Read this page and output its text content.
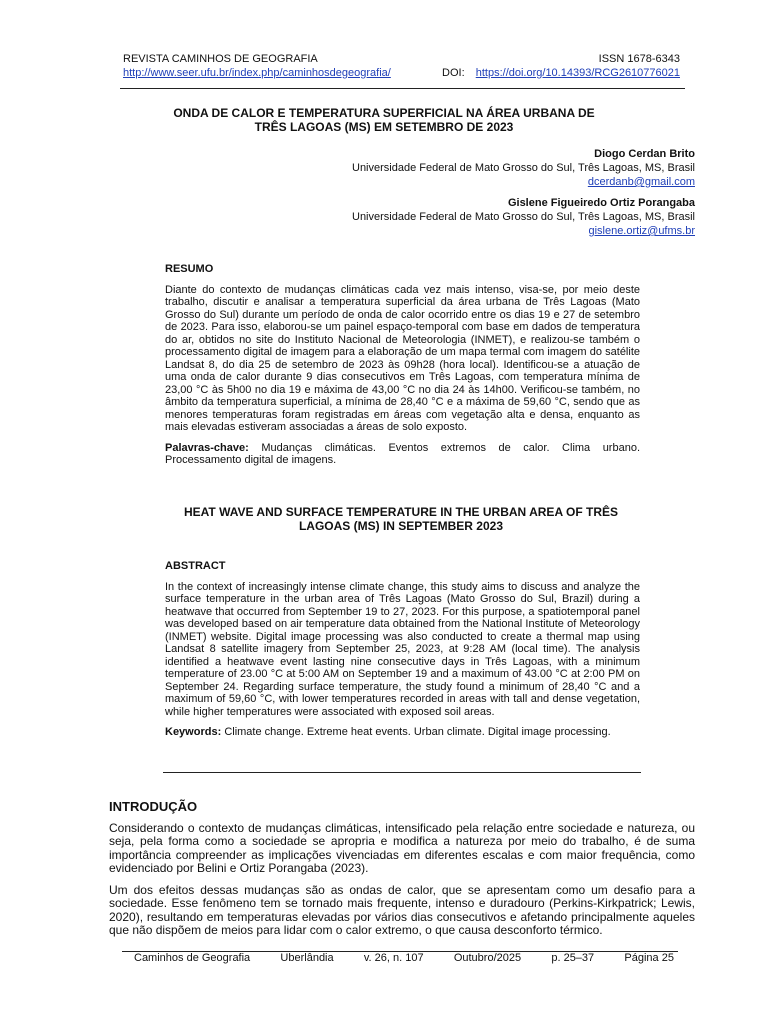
REVISTA CAMINHOS DE GEOGRAFIA	ISSN 1678-6343
http://www.seer.ufu.br/index.php/caminhosdegeografia/	DOI: https://doi.org/10.14393/RCG2610776021
ONDA DE CALOR E TEMPERATURA SUPERFICIAL NA ÁREA URBANA DE TRÊS LAGOAS (MS) EM SETEMBRO DE 2023
Diogo Cerdan Brito
Universidade Federal de Mato Grosso do Sul, Três Lagoas, MS, Brasil
dcerdanb@gmail.com
Gislene Figueiredo Ortiz Porangaba
Universidade Federal de Mato Grosso do Sul, Três Lagoas, MS, Brasil
gislene.ortiz@ufms.br
RESUMO

Diante do contexto de mudanças climáticas cada vez mais intenso, visa-se, por meio deste trabalho, discutir e analisar a temperatura superficial da área urbana de Três Lagoas (Mato Grosso do Sul) durante um período de onda de calor ocorrido entre os dias 19 e 27 de setembro de 2023. Para isso, elaborou-se um painel espaço-temporal com base em dados de temperatura do ar, obtidos no site do Instituto Nacional de Meteorologia (INMET), e realizou-se também o processamento digital de imagem para a elaboração de um mapa termal com imagem do satélite Landsat 8, do dia 25 de setembro de 2023 às 09h28 (hora local). Identificou-se a atuação de uma onda de calor durante 9 dias consecutivos em Três Lagoas, com temperatura mínima de 23,00 °C às 5h00 no dia 19 e máxima de 43,00 °C no dia 24 às 14h00. Verificou-se também, no âmbito da temperatura superficial, a mínima de 28,40 °C e a máxima de 59,60 °C, sendo que as menores temperaturas foram registradas em áreas com vegetação alta e densa, enquanto as mais elevadas estiveram associadas a áreas de solo exposto.

Palavras-chave: Mudanças climáticas. Eventos extremos de calor. Clima urbano. Processamento digital de imagens.

HEAT WAVE AND SURFACE TEMPERATURE IN THE URBAN AREA OF TRÊS LAGOAS (MS) IN SEPTEMBER 2023
ABSTRACT

In the context of increasingly intense climate change, this study aims to discuss and analyze the surface temperature in the urban area of Três Lagoas (Mato Grosso do Sul, Brazil) during a heatwave that occurred from September 19 to 27, 2023. For this purpose, a spatiotemporal panel was developed based on air temperature data obtained from the National Institute of Meteorology (INMET) website. Digital image processing was also conducted to create a thermal map using Landsat 8 satellite imagery from September 25, 2023, at 9:28 AM (local time). The analysis identified a heatwave event lasting nine consecutive days in Três Lagoas, with a minimum temperature of 23.00 °C at 5:00 AM on September 19 and a maximum of 43.00 °C at 2:00 PM on September 24. Regarding surface temperature, the study found a minimum of 28,40 °C and a maximum of 59,60 °C, with lower temperatures recorded in areas with tall and dense vegetation, while higher temperatures were associated with exposed soil areas.

Keywords: Climate change. Extreme heat events. Urban climate. Digital image processing.

INTRODUÇÃO

Considerando o contexto de mudanças climáticas, intensificado pela relação entre sociedade e natureza, ou seja, pela forma como a sociedade se apropria e modifica a natureza por meio do trabalho, é de suma importância compreender as implicações vivenciadas em diferentes escalas e com maior frequência, como evidenciado por Belini e Ortiz Porangaba (2023).

Um dos efeitos dessas mudanças são as ondas de calor, que se apresentam como um desafio para a sociedade. Esse fenômeno tem se tornado mais frequente, intenso e duradouro (Perkins-Kirkpatrick; Lewis, 2020), resultando em temperaturas elevadas por vários dias consecutivos e afetando principalmente aqueles que não dispõem de meios para lidar com o calor extremo, o que causa desconforto térmico.

Caminhos de Geografia	Uberlândia	v. 26, n. 107	Outubro/2025	p. 25–37	Página 25
